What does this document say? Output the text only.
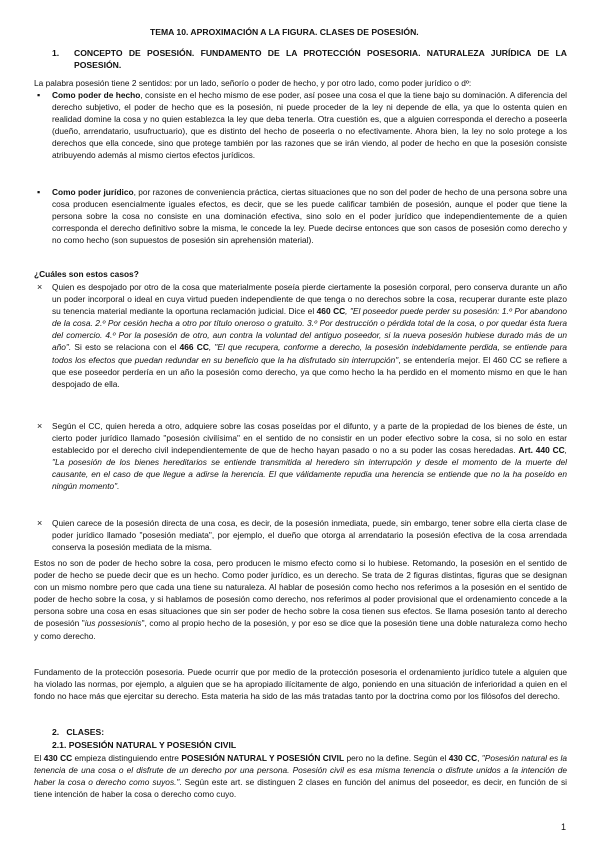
TEMA 10. APROXIMACIÓN A LA FIGURA. CLASES DE POSESIÓN.
1. CONCEPTO DE POSESIÓN. FUNDAMENTO DE LA PROTECCIÓN POSESORIA. NATURALEZA JURÍDICA DE LA POSESIÓN.

La palabra posesión tiene 2 sentidos: por un lado, señorío o poder de hecho, y por otro lado, como poder jurídico o dº:

▪ Como poder de hecho, consiste en el hecho mismo de ese poder, así posee una cosa el que la tiene bajo su dominación. A diferencia del derecho subjetivo, el poder de hecho que es la posesión, ni puede proceder de la ley ni depende de ella, ya que lo ostenta quien en realidad domine la cosa y no quien establezca la ley que deba tenerla. Otra cuestión es, que a alguien corresponda el derecho a poseerla (dueño, arrendatario, usufructuario), que es distinto del hecho de poseerla o no efectivamente. Ahora bien, la ley no solo protege a los derechos que ella concede, sino que protege también por las razones que se irán viendo, al poder de hecho en que la posesión consiste atribuyendo además al mismo ciertos efectos jurídicos.

▪ Como poder jurídico, por razones de conveniencia práctica, ciertas situaciones que no son del poder de hecho de una persona sobre una cosa producen esencialmente iguales efectos, es decir, que se les puede calificar también de posesión, aunque el poder que tiene la persona sobre la cosa no consiste en una dominación efectiva, sino solo en el poder jurídico que independientemente de a quien corresponda el derecho definitivo sobre la misma, le concede la ley. Puede decirse entonces que son casos de posesión como derecho y no como hecho (son supuestos de posesión sin aprehensión material).

¿Cuáles son estos casos?

× Quien es despojado por otro de la cosa que materialmente poseía pierde ciertamente la posesión corporal, pero conserva durante un año un poder incorporal o ideal en cuya virtud pueden independiente de que tenga o no derechos sobre la cosa, recuperar durante este plazo su tenencia material mediante la oportuna reclamación judicial. Dice el 460 CC, "El poseedor puede perder su posesión: 1.º Por abandono de la cosa. 2.º Por cesión hecha a otro por título oneroso o gratuito. 3.º Por destrucción o pérdida total de la cosa, o por quedar ésta fuera del comercio. 4.º Por la posesión de otro, aun contra la voluntad del antiguo poseedor, si la nueva posesión hubiese durado más de un año". Si esto se relaciona con el 466 CC, "El que recupera, conforme a derecho, la posesión indebidamente perdida, se entiende para todos los efectos que puedan redundar en su beneficio que la ha disfrutado sin interrupción", se entendería mejor. El 460 CC se refiere a que ese poseedor perdería en un año la posesión como derecho, ya que como hecho la ha perdido en el momento mismo en que le han despojado de ella.

× Según el CC, quien hereda a otro, adquiere sobre las cosas poseídas por el difunto, y a parte de la propiedad de los bienes de éste, un cierto poder jurídico llamado "posesión civilísima" en el sentido de no consistir en un poder efectivo sobre la cosa, si no solo en estar establecido por el derecho civil independientemente de que de hecho hayan pasado o no a su poder las cosas heredadas. Art. 440 CC, "La posesión de los bienes hereditarios se entiende transmitida al heredero sin interrupción y desde el momento de la muerte del causante, en el caso de que llegue a adirse la herencia. El que válidamente repudia una herencia se entiende que no la ha poseído en ningún momento".

× Quien carece de la posesión directa de una cosa, es decir, de la posesión inmediata, puede, sin embargo, tener sobre ella cierta clase de poder jurídico llamado "posesión mediata", por ejemplo, el dueño que otorga al arrendatario la posesión efectiva de la cosa arrendada conserva la posesión mediata de la misma.

Estos no son de poder de hecho sobre la cosa, pero producen le mismo efecto como si lo hubiese. Retomando, la posesión en el sentido de poder de hecho se puede decir que es un hecho. Como poder jurídico, es un derecho. Se trata de 2 figuras distintas, figuras que se designan con un mismo nombre pero que cada una tiene su naturaleza. Al hablar de posesión como hecho nos referimos a la posesión en el sentido de poder de hecho sobre la cosa, y si hablamos de posesión como derecho, nos referimos al poder provisional que el ordenamiento concede a la persona sobre una cosa en esas situaciones que sin ser poder de hecho sobre la cosa tienen sus efectos. Se llama posesión tanto al derecho de posesión "ius possesionis", como al propio hecho de la posesión, y por eso se dice que la posesión tiene una doble naturaleza como hecho y como derecho.

Fundamento de la protección posesoria. Puede ocurrir que por medio de la protección posesoria el ordenamiento jurídico tutele a alguien que ha violado las normas, por ejemplo, a alguien que se ha apropiado ilícitamente de algo, poniendo en una situación de inferioridad a quien en el fondo no hace más que ejercitar su derecho. Esta materia ha sido de las más tratadas tanto por la doctrina como por los filósofos del derecho.

2. CLASES:
2.1. POSESIÓN NATURAL Y POSESIÓN CIVIL

El 430 CC empieza distinguiendo entre POSESIÓN NATURAL Y POSESIÓN CIVIL pero no la define. Según el 430 CC, "Posesión natural es la tenencia de una cosa o el disfrute de un derecho por una persona. Posesión civil es esa misma tenencia o disfrute unidos a la intención de haber la cosa o derecho como suyos.". Según este art. se distinguen 2 clases en función del animus del poseedor, es decir, en función de si tiene intención de haber la cosa o derecho como cuyo.

1
